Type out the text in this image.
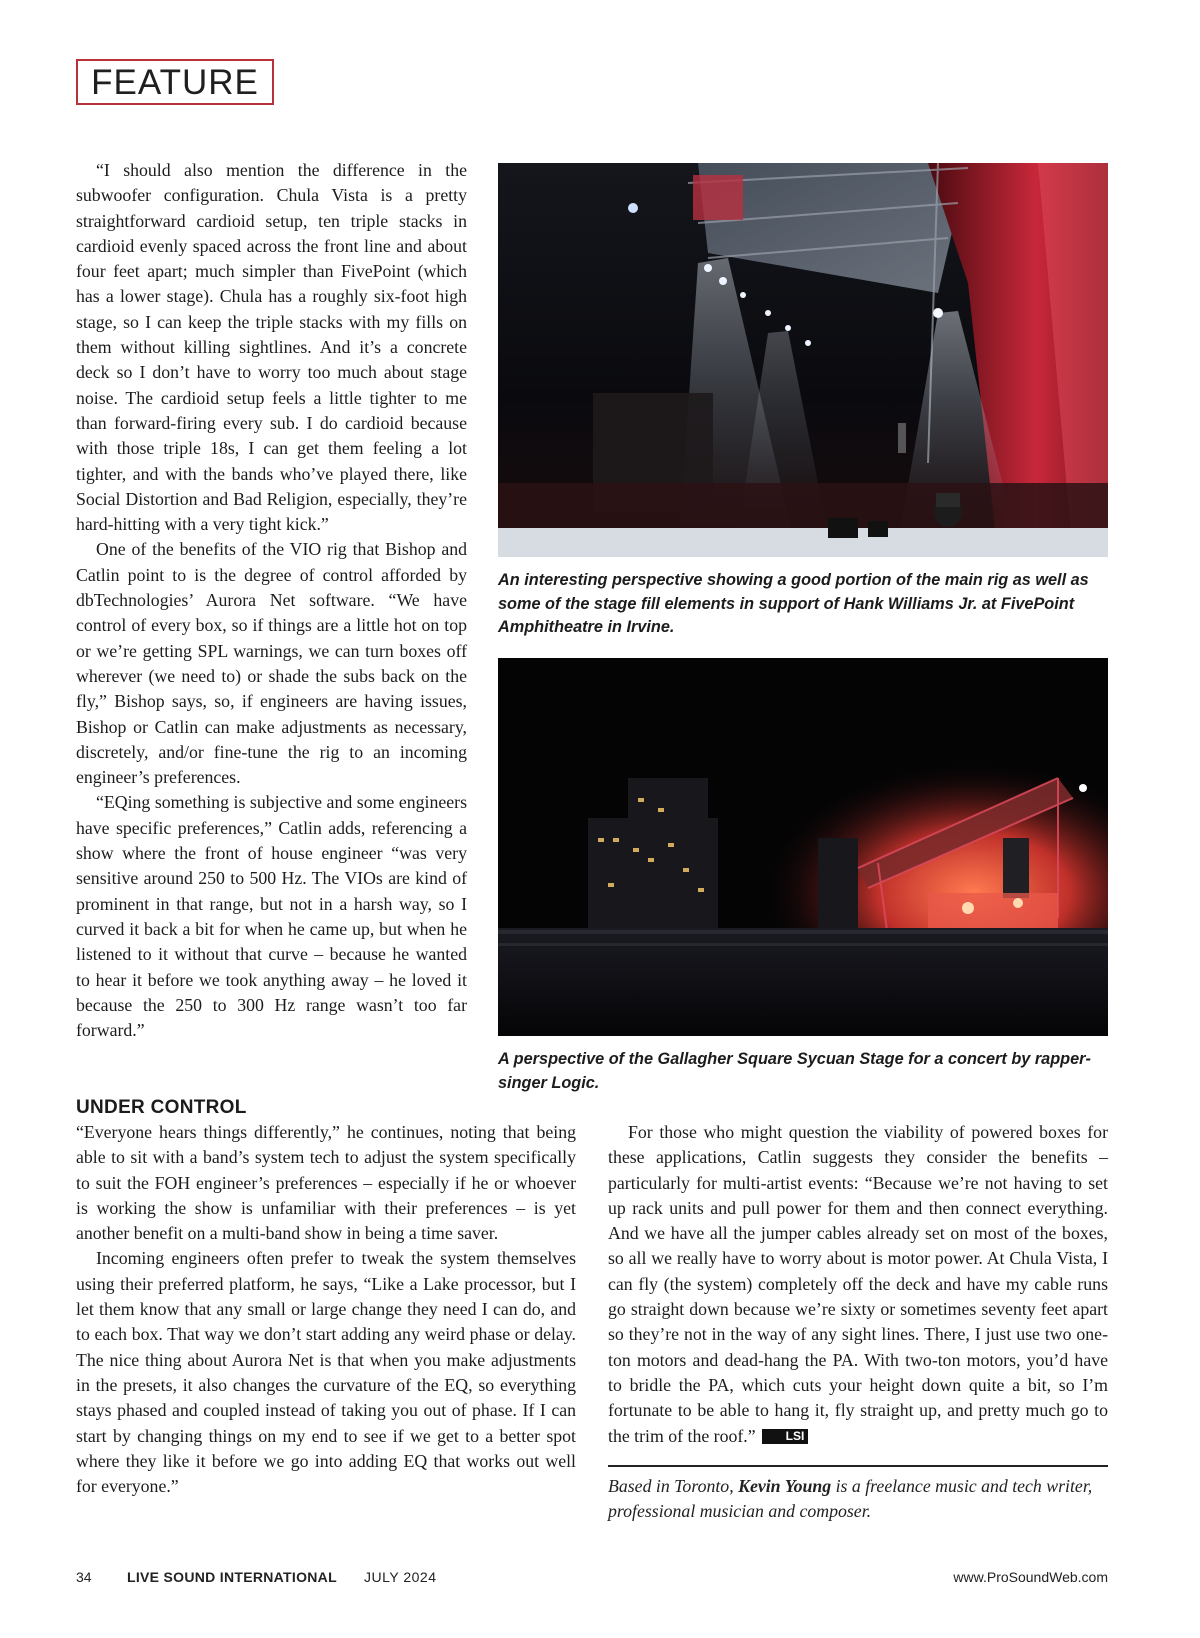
FEATURE

“I should also mention the difference in the subwoofer configuration. Chula Vista is a pretty straightforward cardioid setup, ten triple stacks in cardioid evenly spaced across the front line and about four feet apart; much simpler than FivePoint (which has a lower stage). Chula has a roughly six-foot high stage, so I can keep the triple stacks with my fills on them without killing sightlines. And it’s a concrete deck so I don’t have to worry too much about stage noise. The cardioid setup feels a little tighter to me than forward-firing every sub. I do cardioid because with those triple 18s, I can get them feeling a lot tighter, and with the bands who’ve played there, like Social Distortion and Bad Religion, especially, they’re hard-hitting with a very tight kick.”

One of the benefits of the VIO rig that Bishop and Catlin point to is the degree of control afforded by dbTechnologies’ Aurora Net software. “We have control of every box, so if things are a little hot on top or we’re getting SPL warnings, we can turn boxes off wherever (we need to) or shade the subs back on the fly,” Bishop says, so, if engineers are having issues, Bishop or Catlin can make adjustments as necessary, discretely, and/or fine-tune the rig to an incoming engineer’s preferences.

“EQing something is subjective and some engineers have specific preferences,” Catlin adds, referencing a show where the front of house engineer “was very sensitive around 250 to 500 Hz. The VIOs are kind of prominent in that range, but not in a harsh way, so I curved it back a bit for when he came up, but when he listened to it without that curve – because he wanted to hear it before we took anything away – he loved it because the 250 to 300 Hz range wasn’t too far forward.”

An interesting perspective showing a good portion of the main rig as well as some of the stage fill elements in support of Hank Williams Jr. at FivePoint Amphitheatre in Irvine.
A perspective of the Gallagher Square Sycuan Stage for a concert by rapper-singer Logic.
UNDER CONTROL

“Everyone hears things differently,” he continues, noting that being able to sit with a band’s system tech to adjust the system specifically to suit the FOH engineer’s preferences – especially if he or whoever is working the show is unfamiliar with their preferences – is yet another benefit on a multi-band show in being a time saver.

Incoming engineers often prefer to tweak the system themselves using their preferred platform, he says, “Like a Lake processor, but I let them know that any small or large change they need I can do, and to each box. That way we don’t start adding any weird phase or delay. The nice thing about Aurora Net is that when you make adjustments in the presets, it also changes the curvature of the EQ, so everything stays phased and coupled instead of taking you out of phase. If I can start by changing things on my end to see if we get to a better spot where they like it before we go into adding EQ that works out well for everyone.”

For those who might question the viability of powered boxes for these applications, Catlin suggests they consider the benefits – particularly for multi-artist events: “Because we’re not having to set up rack units and pull power for them and then connect everything. And we have all the jumper cables already set on most of the boxes, so all we really have to worry about is motor power. At Chula Vista, I can fly (the system) completely off the deck and have my cable runs go straight down because we’re sixty or sometimes seventy feet apart so they’re not in the way of any sight lines. There, I just use two one-ton motors and dead-hang the PA. With two-ton motors, you’d have to bridle the PA, which cuts your height down quite a bit, so I’m fortunate to be able to hang it, fly straight up, and pretty much go to the trim of the roof.”	LSI

Based in Toronto, Kevin Young is a freelance music and tech writer, professional musician and composer.
34	LIVE SOUND INTERNATIONAL JULY 2024	www.ProSoundWeb.com
